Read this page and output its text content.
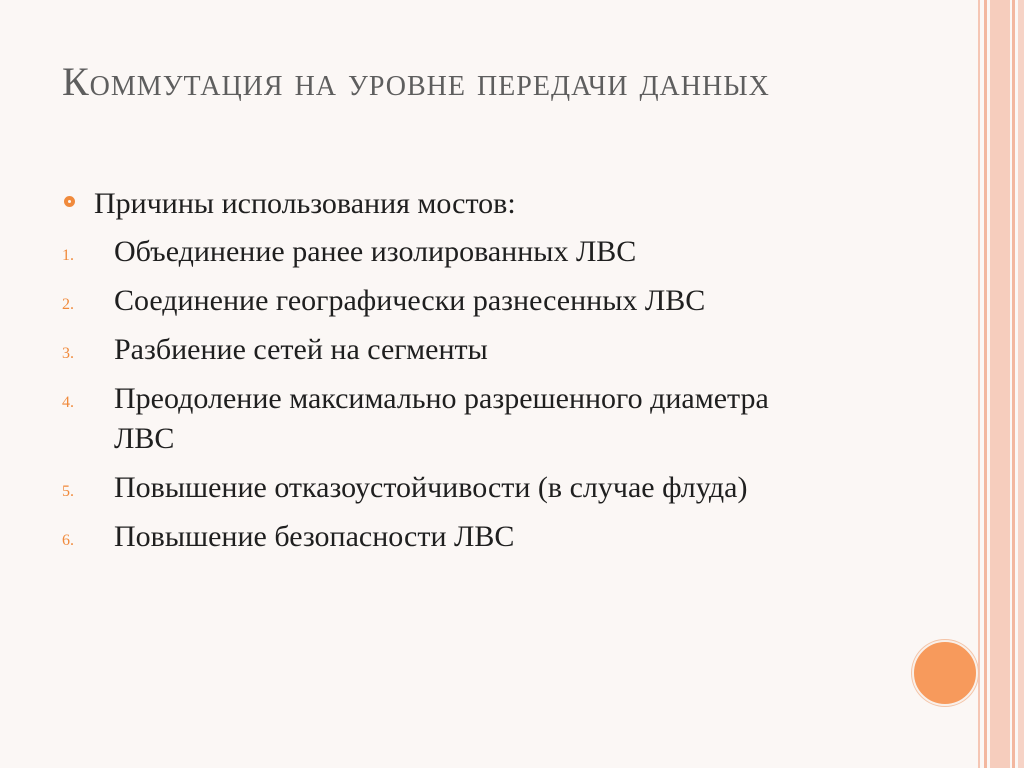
Коммутация на уровне передачи данных
Причины использования мостов:
1. Объединение ранее изолированных ЛВС
2. Соединение географически разнесенных ЛВС
3. Разбиение сетей на сегменты
4. Преодоление максимально разрешенного диаметра ЛВС
5. Повышение отказоустойчивости (в случае флуда)
6. Повышение безопасности ЛВС
